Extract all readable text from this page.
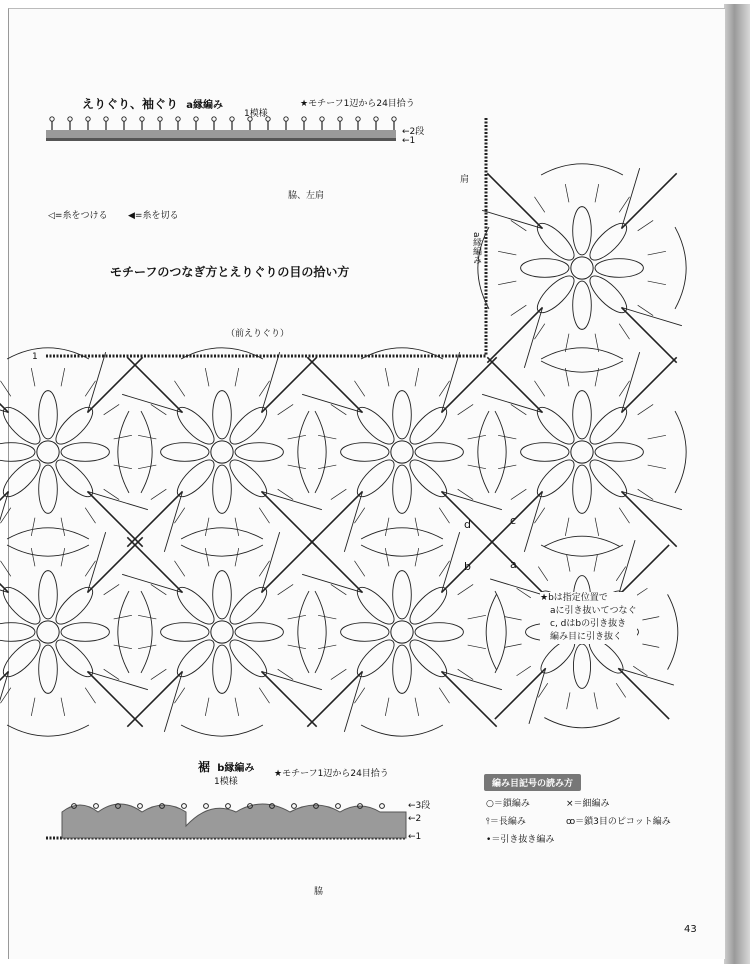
えりぐり、袖ぐり a縁編み
1模様
★モチーフ1辺から24目拾う
←2段
←1
脇、左肩
◁=糸をつける ◀=糸を切る
モチーフのつなぎ方とえりぐりの目の拾い方
（前えりぐり）
1
肩
a縁編み
d	c
b	a
★bは指定位置で
aに引き抜いてつなぐ
c, dはbの引き抜き
編み目に引き抜く
裾 b縁編み
1模様
★モチーフ1辺から24目拾う
←3段
←2
←1
脇
編み目記号の読み方
○＝鎖編み	×＝細編み
⫯＝長編み	ꝏ＝鎖3目のピコット編み
•＝引き抜き編み
43
